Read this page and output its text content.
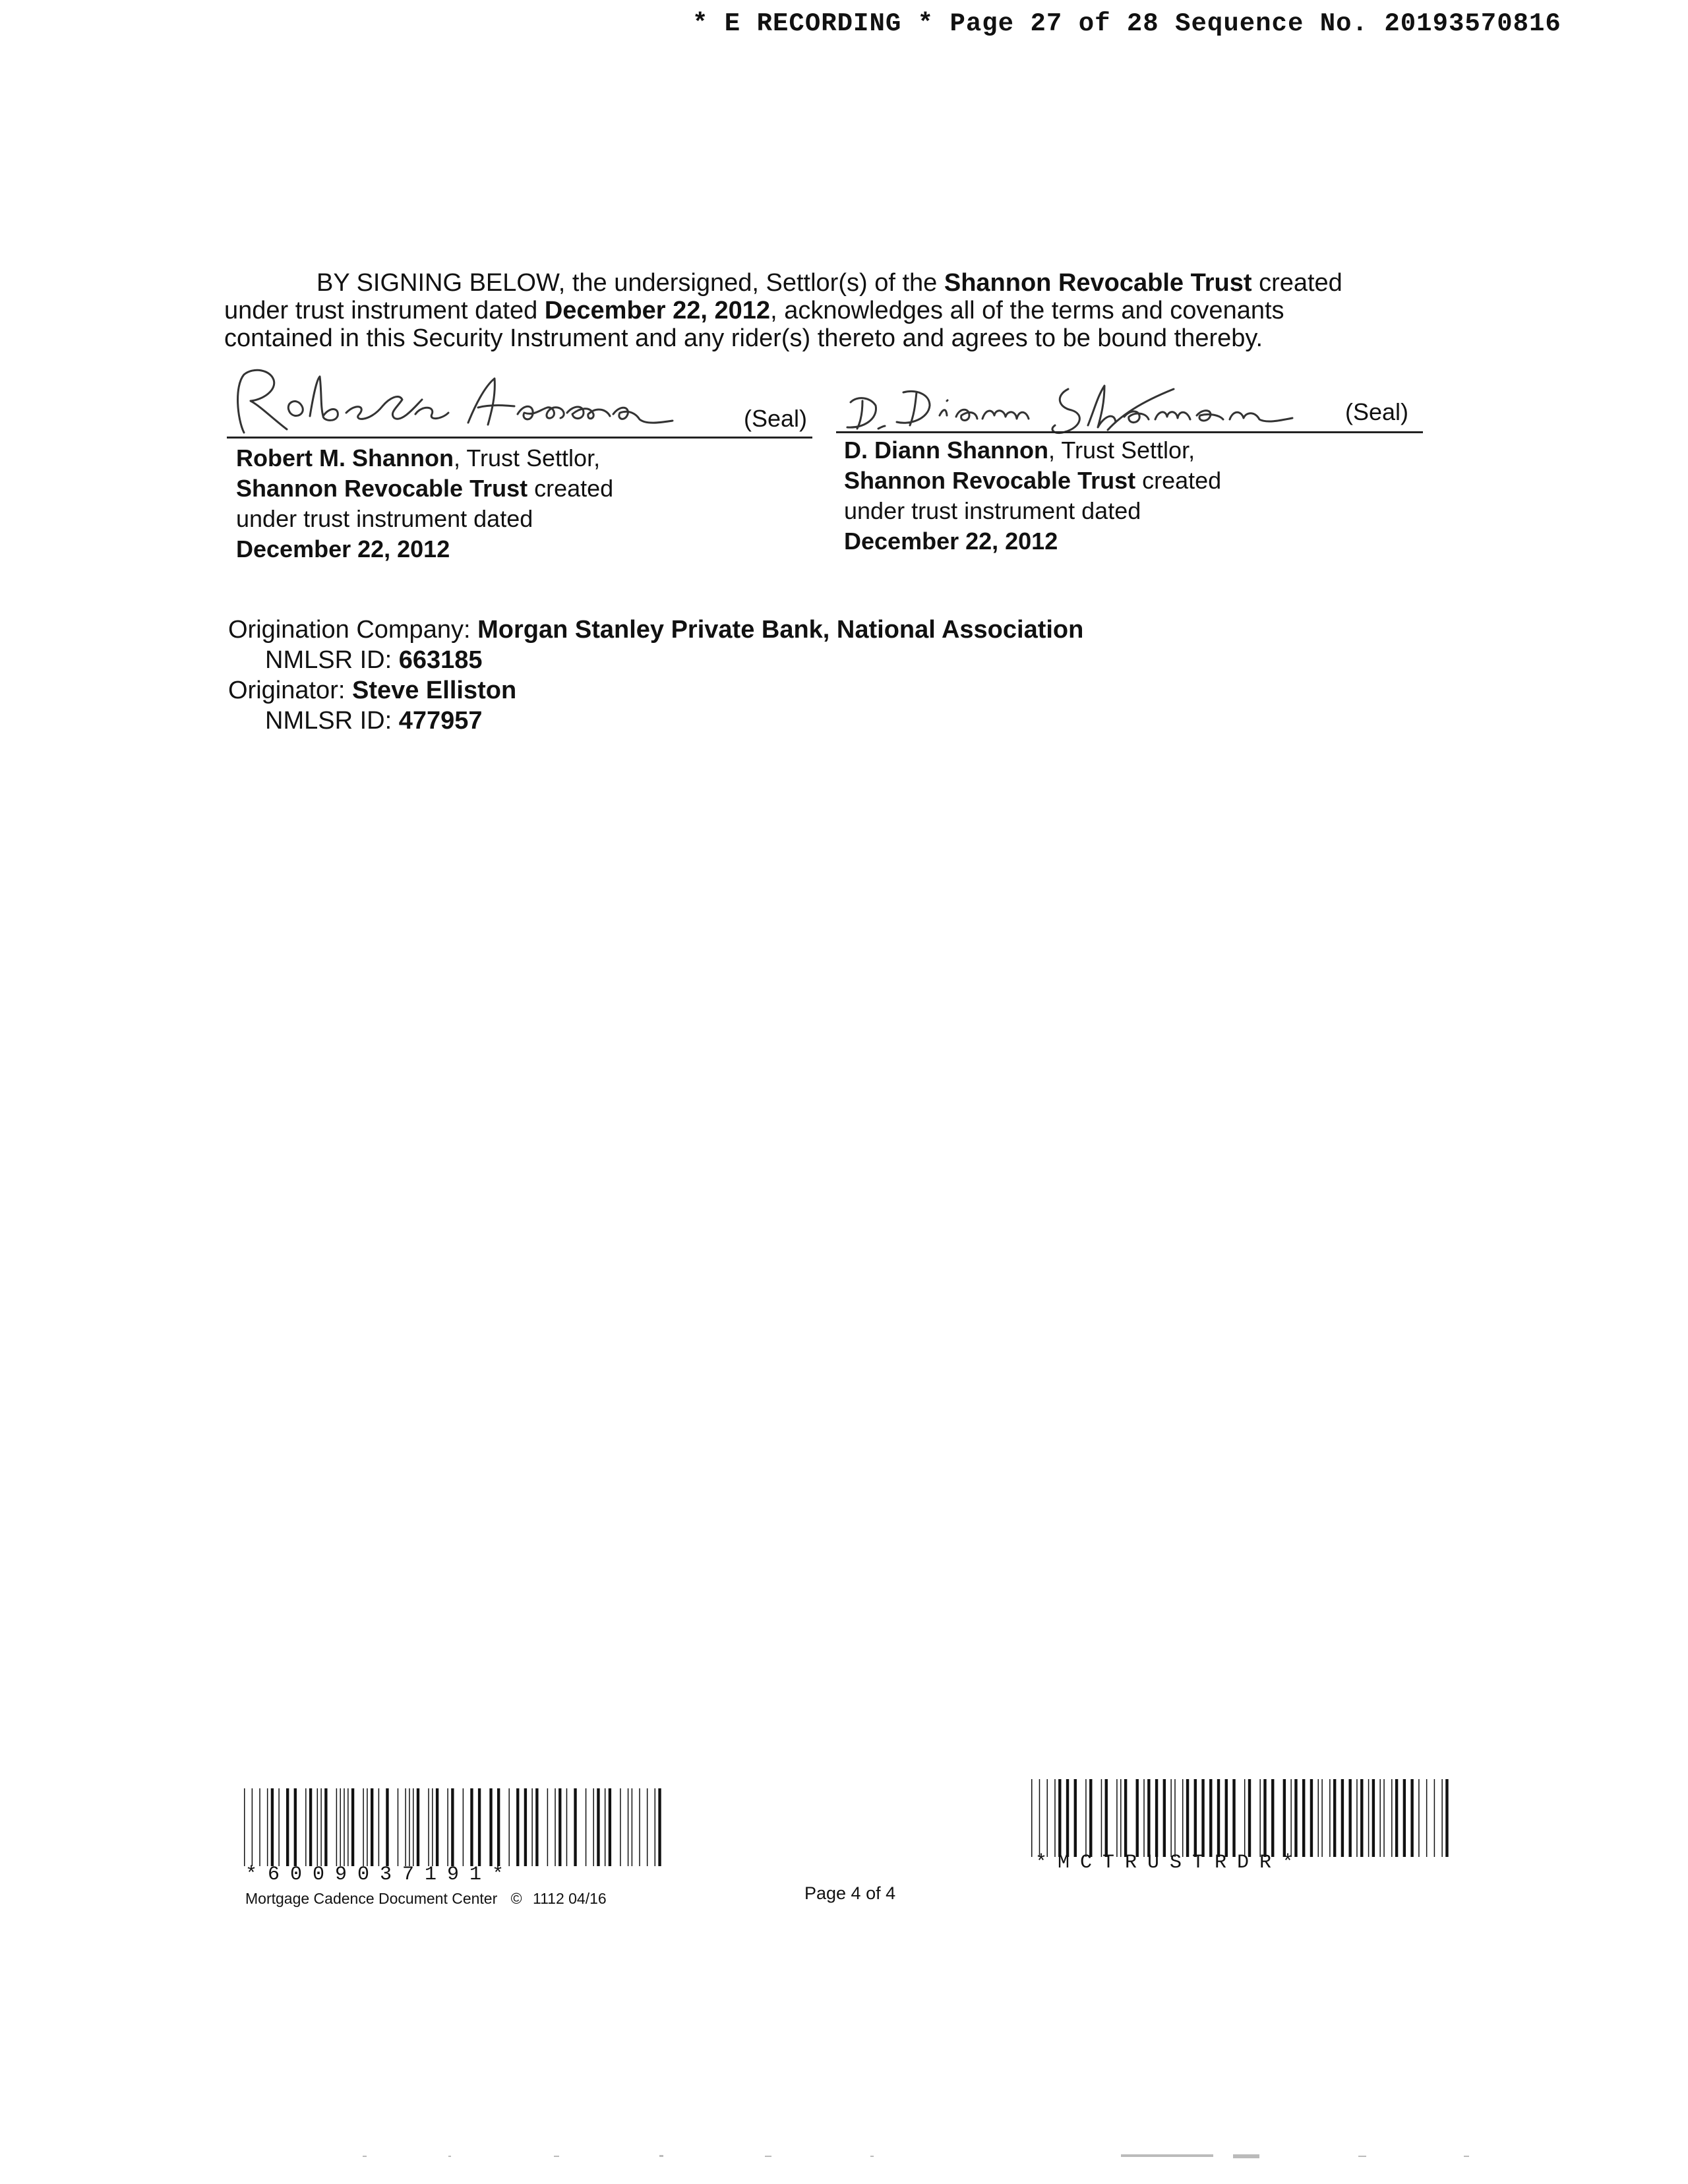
* E RECORDING * Page 27 of 28 Sequence No. 20193570816
BY SIGNING BELOW, the undersigned, Settlor(s) of the Shannon Revocable Trust created
under trust instrument dated December 22, 2012, acknowledges all of the terms and covenants
contained in this Security Instrument and any rider(s) thereto and agrees to be bound thereby.
(Seal)
Robert M. Shannon, Trust Settlor,
Shannon Revocable Trust created
under trust instrument dated
December 22, 2012
(Seal)
D. Diann Shannon, Trust Settlor,
Shannon Revocable Trust created
under trust instrument dated
December 22, 2012
Origination Company: Morgan Stanley Private Bank, National Association
NMLSR ID: 663185
Originator: Steve Elliston
NMLSR ID: 477957
*6009037191*
*MCTRUSTRDR*
Mortgage Cadence Document Center © 1112 04/16	Page 4 of 4
